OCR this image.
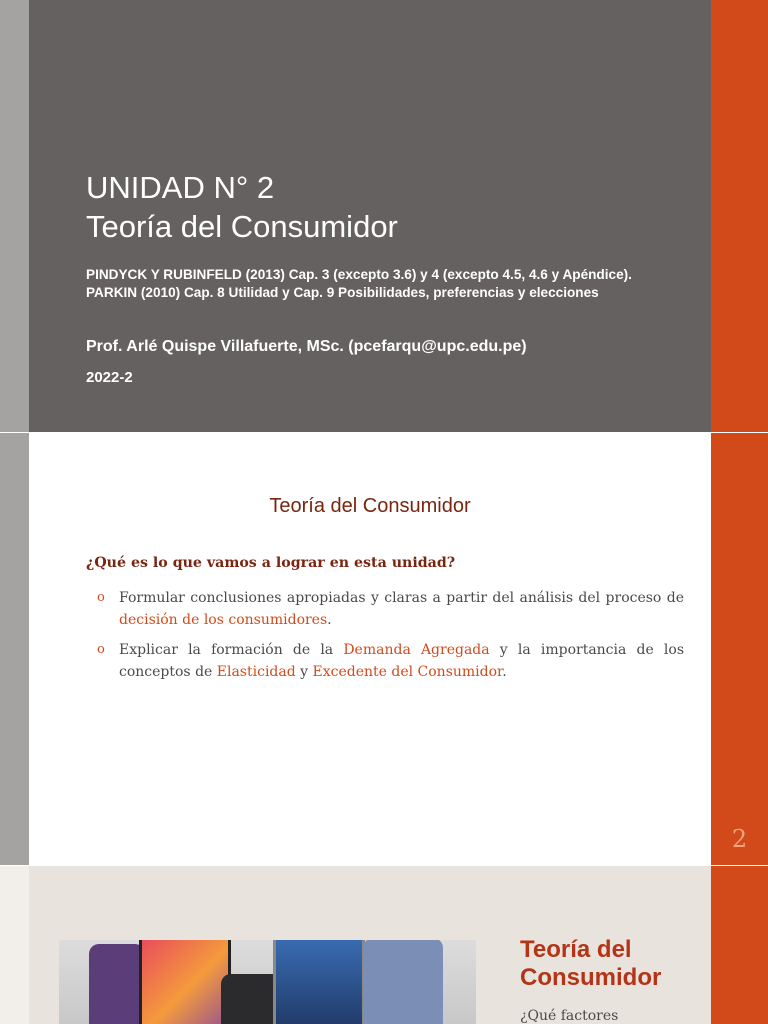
UNIDAD N° 2
Teoría del Consumidor
PINDYCK Y RUBINFELD (2013) Cap. 3 (excepto 3.6) y 4 (excepto 4.5, 4.6 y Apéndice).
PARKIN (2010) Cap. 8 Utilidad y Cap. 9 Posibilidades, preferencias y elecciones
Prof. Arlé Quispe Villafuerte, MSc. (pcefarqu@upc.edu.pe)
2022-2
2
Teoría del Consumidor
¿Qué es lo que vamos a lograr en esta unidad?
o Formular conclusiones apropiadas y claras a partir del análisis del proceso de decisión de los consumidores.
o Explicar la formación de la Demanda Agregada y la importancia de los conceptos de Elasticidad y Excedente del Consumidor.
Teoría del
Consumidor
¿Qué factores
